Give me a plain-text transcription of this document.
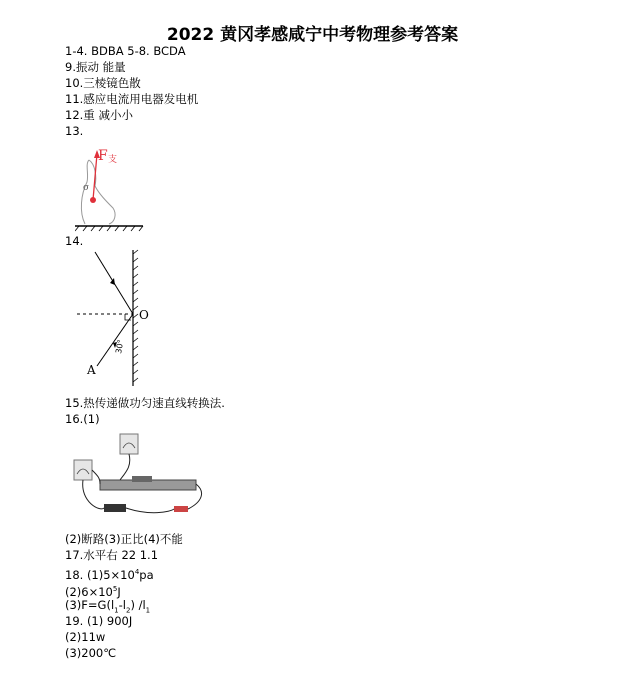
2022 黄冈孝感咸宁中考物理参考答案
1-4. BDBA 5-8. BCDA
9.振动 能量
10.三棱镜色散
11.感应电流用电器发电机
12.重 减小小
13.
F 支
σ
14.
O
A
30°
15.热传递做功匀速直线转换法.
16.(1)
(2)断路(3)正比(4)不能
17.水平右 22 1.1
18. $(1)5\times 10^4pa$
$(2)6\times 10^5J$
$(3)F=G(l_1-l_2)$ $/l_1$
19. (1) 900J
(2)11w
(3)200℃
